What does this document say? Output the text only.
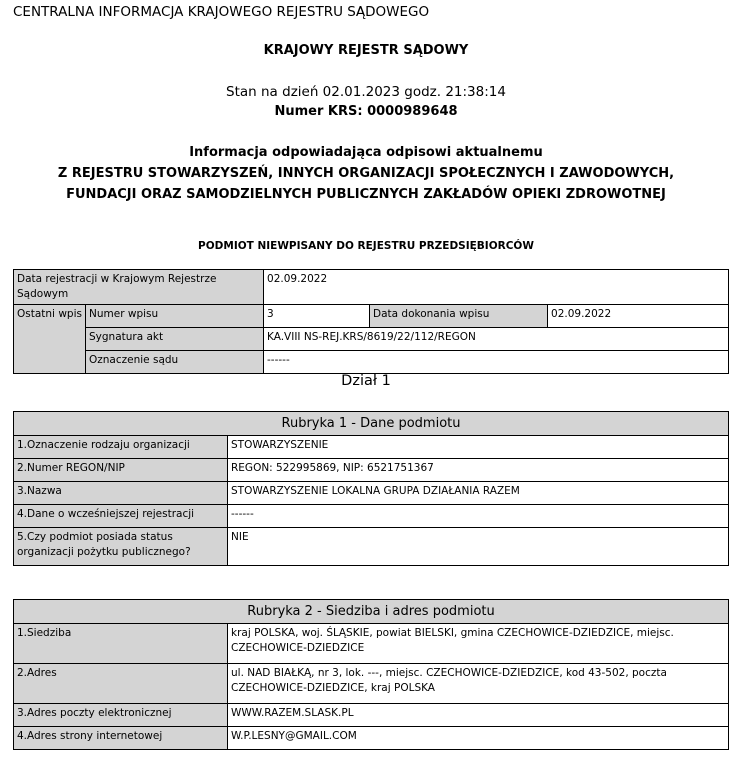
CENTRALNA INFORMACJA KRAJOWEGO REJESTRU SĄDOWEGO
KRAJOWY REJESTR SĄDOWY
Stan na dzień 02.01.2023 godz. 21:38:14
Numer KRS: 0000989648
Informacja odpowiadająca odpisowi aktualnemu
Z REJESTRU STOWARZYSZEŃ, INNYCH ORGANIZACJI SPOŁECZNYCH I ZAWODOWYCH,
FUNDACJI ORAZ SAMODZIELNYCH PUBLICZNYCH ZAKŁADÓW OPIEKI ZDROWOTNEJ
PODMIOT NIEWPISANY DO REJESTRU PRZEDSIĘBIORCÓW
Data rejestracji w Krajowym Rejestrze Sądowym		02.09.2022		
Ostatni wpis	Numer wpisu	3	Data dokonania wpisu	02.09.2022
	Sygnatura akt	KA.VIII NS-REJ.KRS/8619/22/112/REGON		
	Oznaczenie sądu	------		
Dział 1
Rubryka 1 - Dane podmiotu	
1.Oznaczenie rodzaju organizacji	STOWARZYSZENIE
2.Numer REGON/NIP	REGON: 522995869, NIP: 6521751367
3.Nazwa	STOWARZYSZENIE LOKALNA GRUPA DZIAŁANIA RAZEM
4.Dane o wcześniejszej rejestracji	------
5.Czy podmiot posiada status organizacji pożytku publicznego?	NIE
Rubryka 2 - Siedziba i adres podmiotu	
1.Siedziba	kraj POLSKA, woj. ŚLĄSKIE, powiat BIELSKI, gmina CZECHOWICE-DZIEDZICE, miejsc. CZECHOWICE-DZIEDZICE
2.Adres	ul. NAD BIAŁKĄ, nr 3, lok. ---, miejsc. CZECHOWICE-DZIEDZICE, kod 43-502, poczta CZECHOWICE-DZIEDZICE, kraj POLSKA
3.Adres poczty elektronicznej	WWW.RAZEM.SLASK.PL
4.Adres strony internetowej	W.P.LESNY@GMAIL.COM
